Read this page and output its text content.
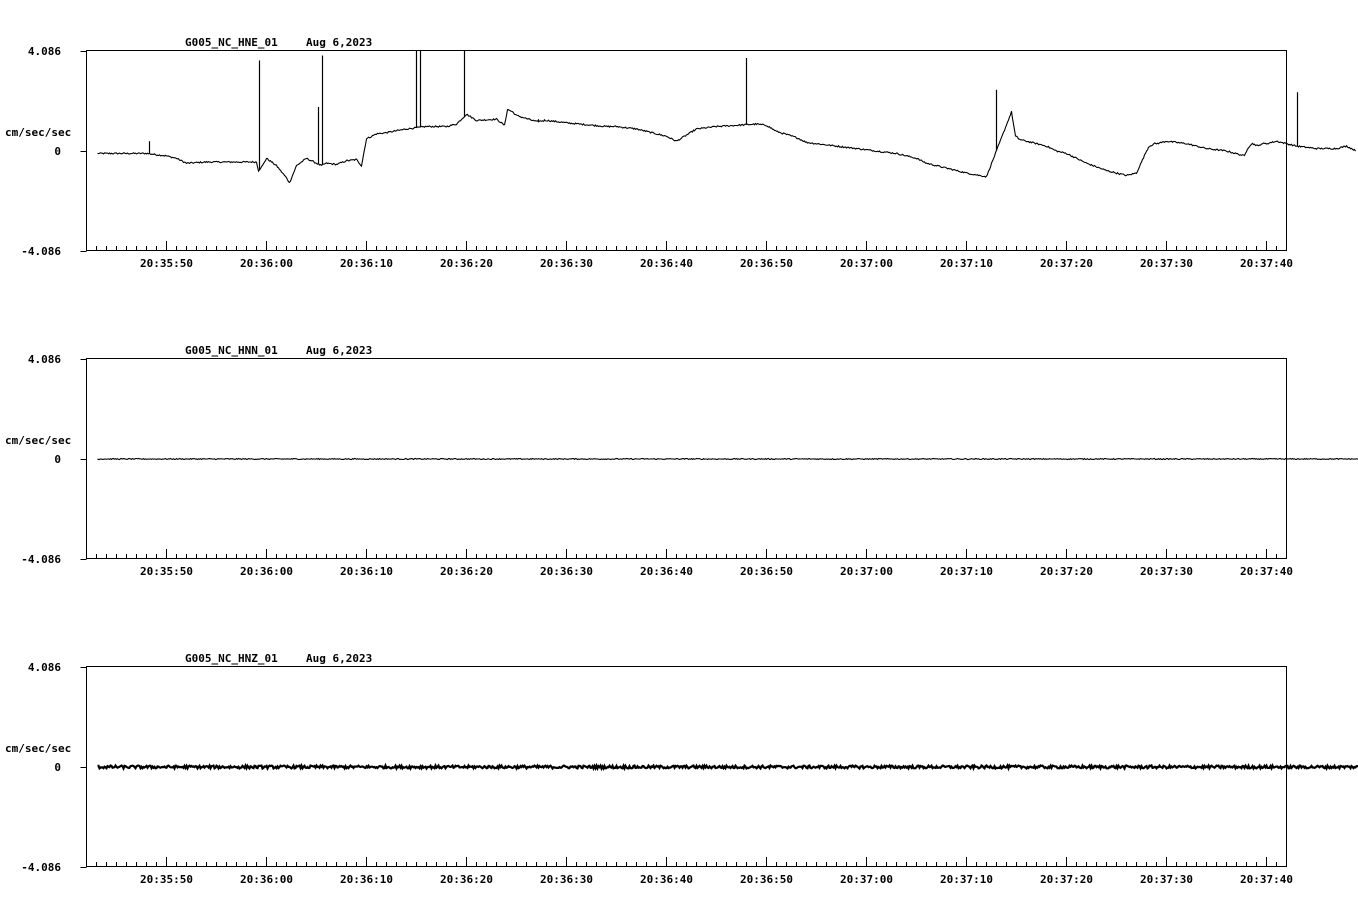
G005_NC_HNE_01	Aug 6,2023
cm/sec/sec
4.086
0
-4.086
20:35:50	20:36:00	20:36:10	20:36:20	20:36:30	20:36:40	20:36:50	20:37:00	20:37:10	20:37:20	20:37:30	20:37:40
G005_NC_HNN_01	Aug 6,2023
cm/sec/sec
4.086
0
-4.086
20:35:50	20:36:00	20:36:10	20:36:20	20:36:30	20:36:40	20:36:50	20:37:00	20:37:10	20:37:20	20:37:30	20:37:40
G005_NC_HNZ_01	Aug 6,2023
cm/sec/sec
4.086
0
-4.086
20:35:50	20:36:00	20:36:10	20:36:20	20:36:30	20:36:40	20:36:50	20:37:00	20:37:10	20:37:20	20:37:30	20:37:40
